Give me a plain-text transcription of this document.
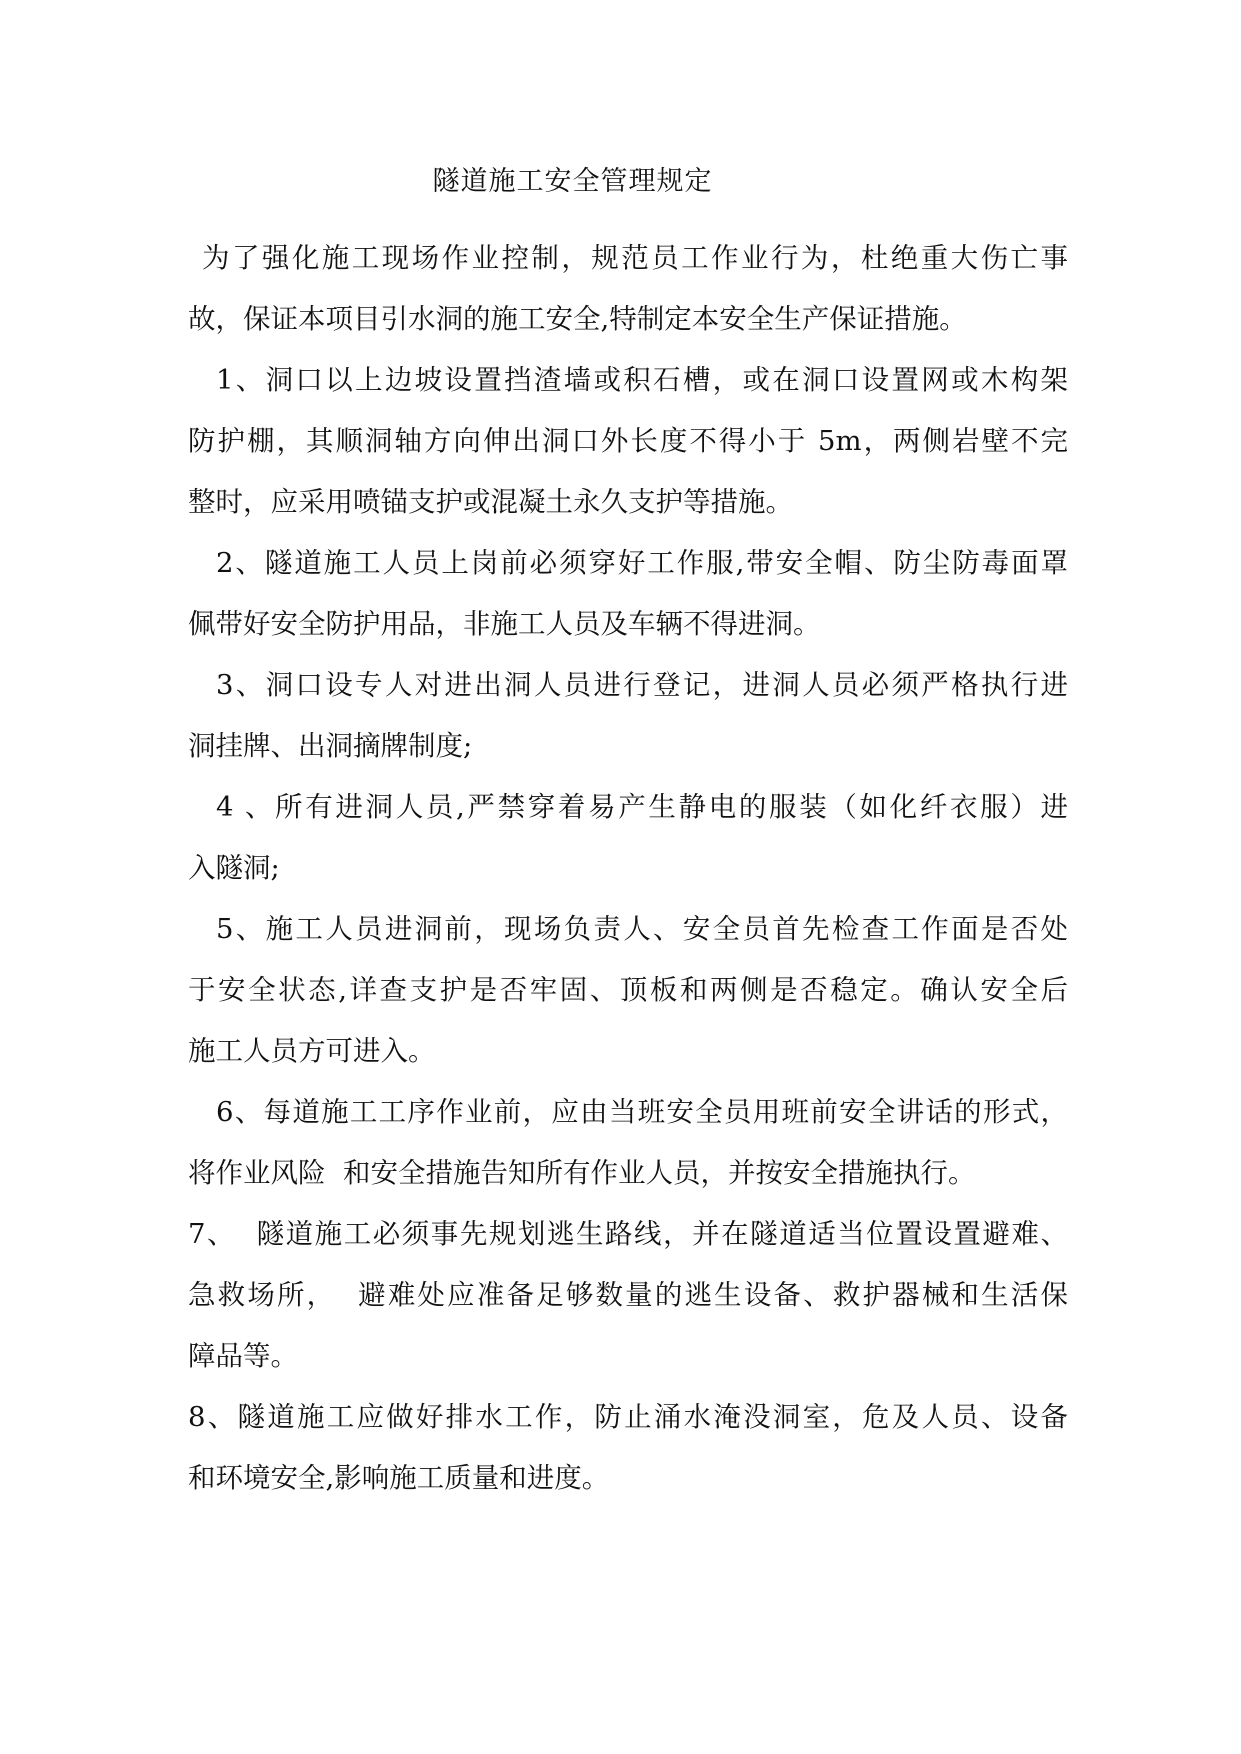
隧道施工安全管理规定
为了强化施工现场作业控制，规范员工作业行为，杜绝重大伤亡事
故，保证本项目引水洞的施工安全,特制定本安全生产保证措施。
1、洞口以上边坡设置挡渣墙或积石槽，或在洞口设置网或木构架
防护棚，其顺洞轴方向伸出洞口外长度不得小于 5m，两侧岩壁不完
整时，应采用喷锚支护或混凝土永久支护等措施。
2、隧道施工人员上岗前必须穿好工作服,带安全帽、防尘防毒面罩
佩带好安全防护用品，非施工人员及车辆不得进洞。
3、洞口设专人对进出洞人员进行登记，进洞人员必须严格执行进
洞挂牌、出洞摘牌制度;
4 、所有进洞人员,严禁穿着易产生静电的服装（如化纤衣服）进
入隧洞;
5、施工人员进洞前，现场负责人、安全员首先检查工作面是否处
于安全状态,详查支护是否牢固、顶板和两侧是否稳定。确认安全后
施工人员方可进入。
6、每道施工工序作业前，应由当班安全员用班前安全讲话的形式，
将作业风险  和安全措施告知所有作业人员，并按安全措施执行。
7、  隧道施工必须事先规划逃生路线，并在隧道适当位置设置避难、
急救场所，  避难处应准备足够数量的逃生设备、救护器械和生活保
障品等。
8、隧道施工应做好排水工作，防止涌水淹没洞室，危及人员、设备
和环境安全,影响施工质量和进度。
